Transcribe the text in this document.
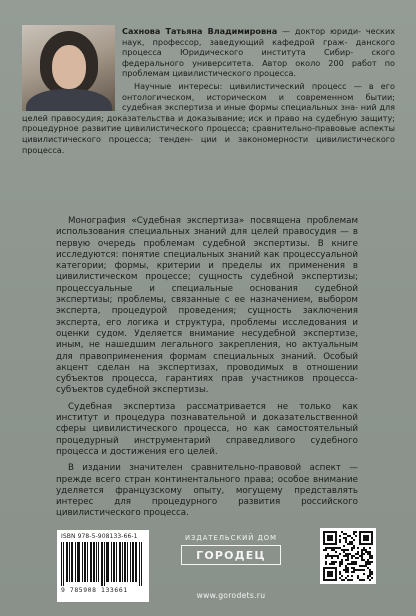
Сахнова Татьяна Владимировна — доктор юриди- ческих наук, профессор, заведующий кафедрой граж- данского процесса Юридического института Сибир- ского федерального университета. Автор около 200 работ по проблемам цивилистического процесса.

Научные интересы: цивилистический процесс — в его онтологическом, историческом и современном бытии; судебная экспертиза и иные формы специальных зна- ний для целей правосудия; доказательства и доказывание; иск и право на судебную защиту; процедурное развитие цивилистического процесса; сравнительно-правовые аспекты цивилистического процесса; тенден- ции и закономерности цивилистического процесса.

Монография «Судебная экспертиза» посвящена проблемам использования специальных знаний для целей правосудия — в первую очередь проблемам судебной экспертизы. В книге исследуются: понятие специальных знаний как процессуальной категории; формы, критерии и пределы их применения в цивилистическом процессе; сущность судебной экспертизы; процессуальные и специальные основания судебной экспертизы; проблемы, связанные с ее назначением, выбором эксперта, процедурой проведения; сущность заключения эксперта, его логика и структура, проблемы исследования и оценки судом. Уделяется внимание несудебной экспертизе, иным, не нашедшим легального закрепления, но актуальным для правоприменения формам специальных знаний. Особый акцент сделан на экспертизах, проводимых в отношении субъектов процесса, гарантиях прав участников процесса-субъектов судебной экспертизы.

Судебная экспертиза рассматривается не только как институт и процедура познавательной и доказательственной сферы цивилистического процесса, но как самостоятельный процедурный инструментарий справедливого судебного процесса и достижения его целей.

В издании значителен сравнительно-правовой аспект — прежде всего стран континентального права; особое внимание уделяется французскому опыту, могущему представлять интерес для процедурного развития российского цивилистического процесса.

ISBN 978-5-908133-66-1
9 785908 133661
ИЗДАТЕЛЬСКИЙ ДОМ
ГОРОДЕЦ
www.gorodets.ru
